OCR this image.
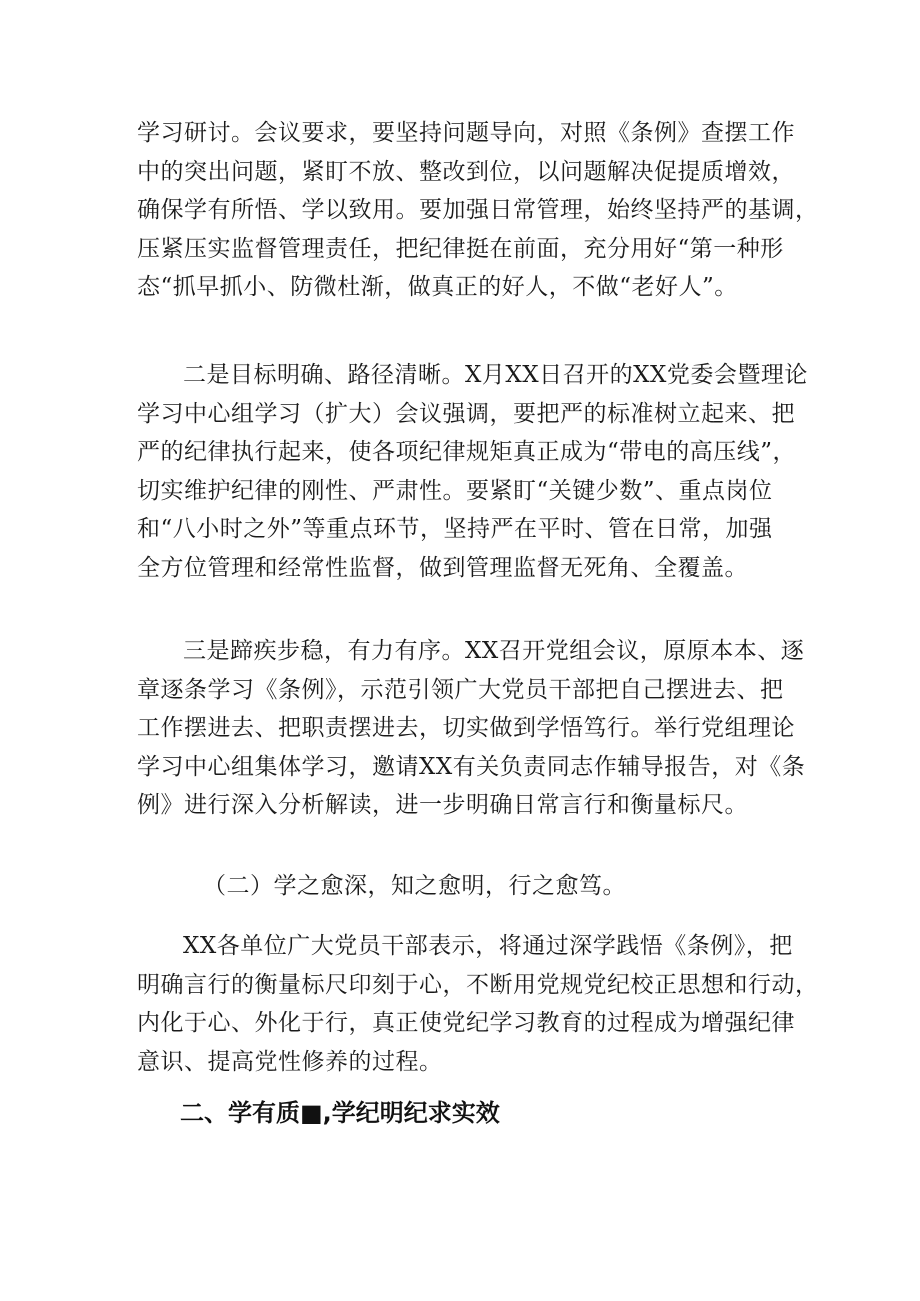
学习研讨。会议要求，要坚持问题导向，对照《条例》查摆工作
中的突出问题，紧盯不放、整改到位，以问题解决促提质增效，
确保学有所悟、学以致用。要加强日常管理，始终坚持严的基调，
压紧压实监督管理责任，把纪律挺在前面，充分用好“第一种形
态“抓早抓小、防微杜渐，做真正的好人，不做“老好人”。
二是目标明确、路径清晰。X月XX日召开的XX党委会暨理论
学习中心组学习（扩大）会议强调，要把严的标准树立起来、把
严的纪律执行起来，使各项纪律规矩真正成为“带电的高压线”，
切实维护纪律的刚性、严肃性。要紧盯“关键少数”、重点岗位
和“八小时之外”等重点环节，坚持严在平时、管在日常，加强
全方位管理和经常性监督，做到管理监督无死角、全覆盖。
三是蹄疾步稳，有力有序。XX召开党组会议，原原本本、逐
章逐条学习《条例》，示范引领广大党员干部把自己摆进去、把
工作摆进去、把职责摆进去，切实做到学悟笃行。举行党组理论
学习中心组集体学习，邀请XX有关负责同志作辅导报告，对《条
例》进行深入分析解读，进一步明确日常言行和衡量标尺。
（二）学之愈深，知之愈明，行之愈笃。
XX各单位广大党员干部表示，将通过深学践悟《条例》，把
明确言行的衡量标尺印刻于心，不断用党规党纪校正思想和行动，
内化于心、外化于行，真正使党纪学习教育的过程成为增强纪律
意识、提高党性修养的过程。
二、学有质■,学纪明纪求实效
